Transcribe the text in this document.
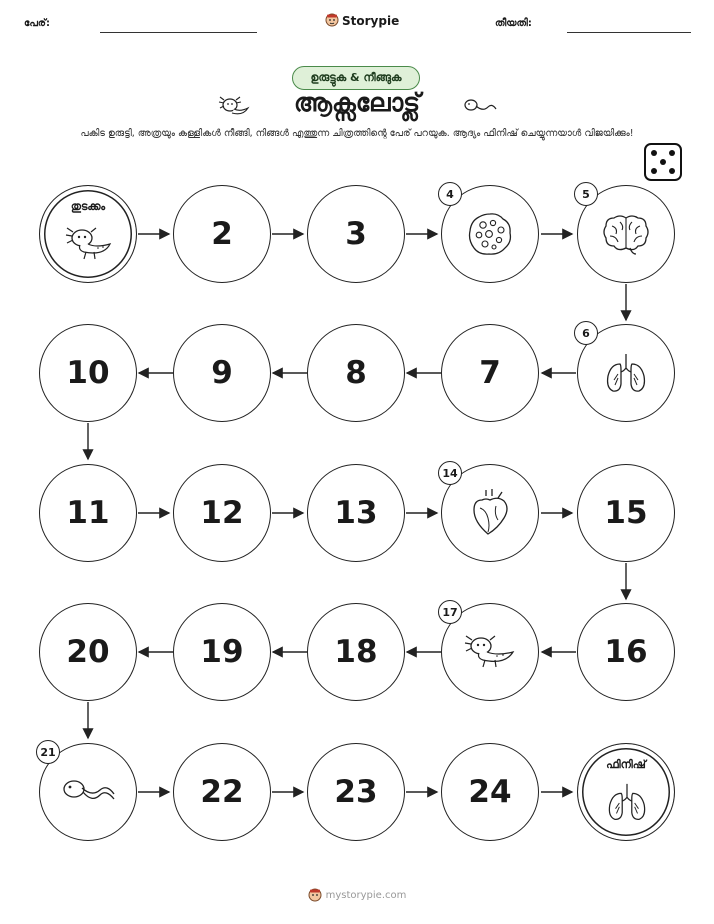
പേര്:	Storypie	തീയതി:
ഉരുട്ടുക & നീങ്ങുക
ആക്സലോട്ല്
പകിട ഉരുട്ടി, അത്രയും കള്ളികൾ നീങ്ങി, നിങ്ങൾ എത്തുന്ന ചിത്രത്തിന്റെ പേര് പറയുക. ആദ്യം ഫിനിഷ് ചെയ്യുന്നയാൾ വിജയിക്കും!
തുടക്കം
2	3
4	5
10	9	8	7
6
11	12	13
14
15
20	19	18
17
16
21
22	23	24
ഫിനിഷ്
mystorypie.com
